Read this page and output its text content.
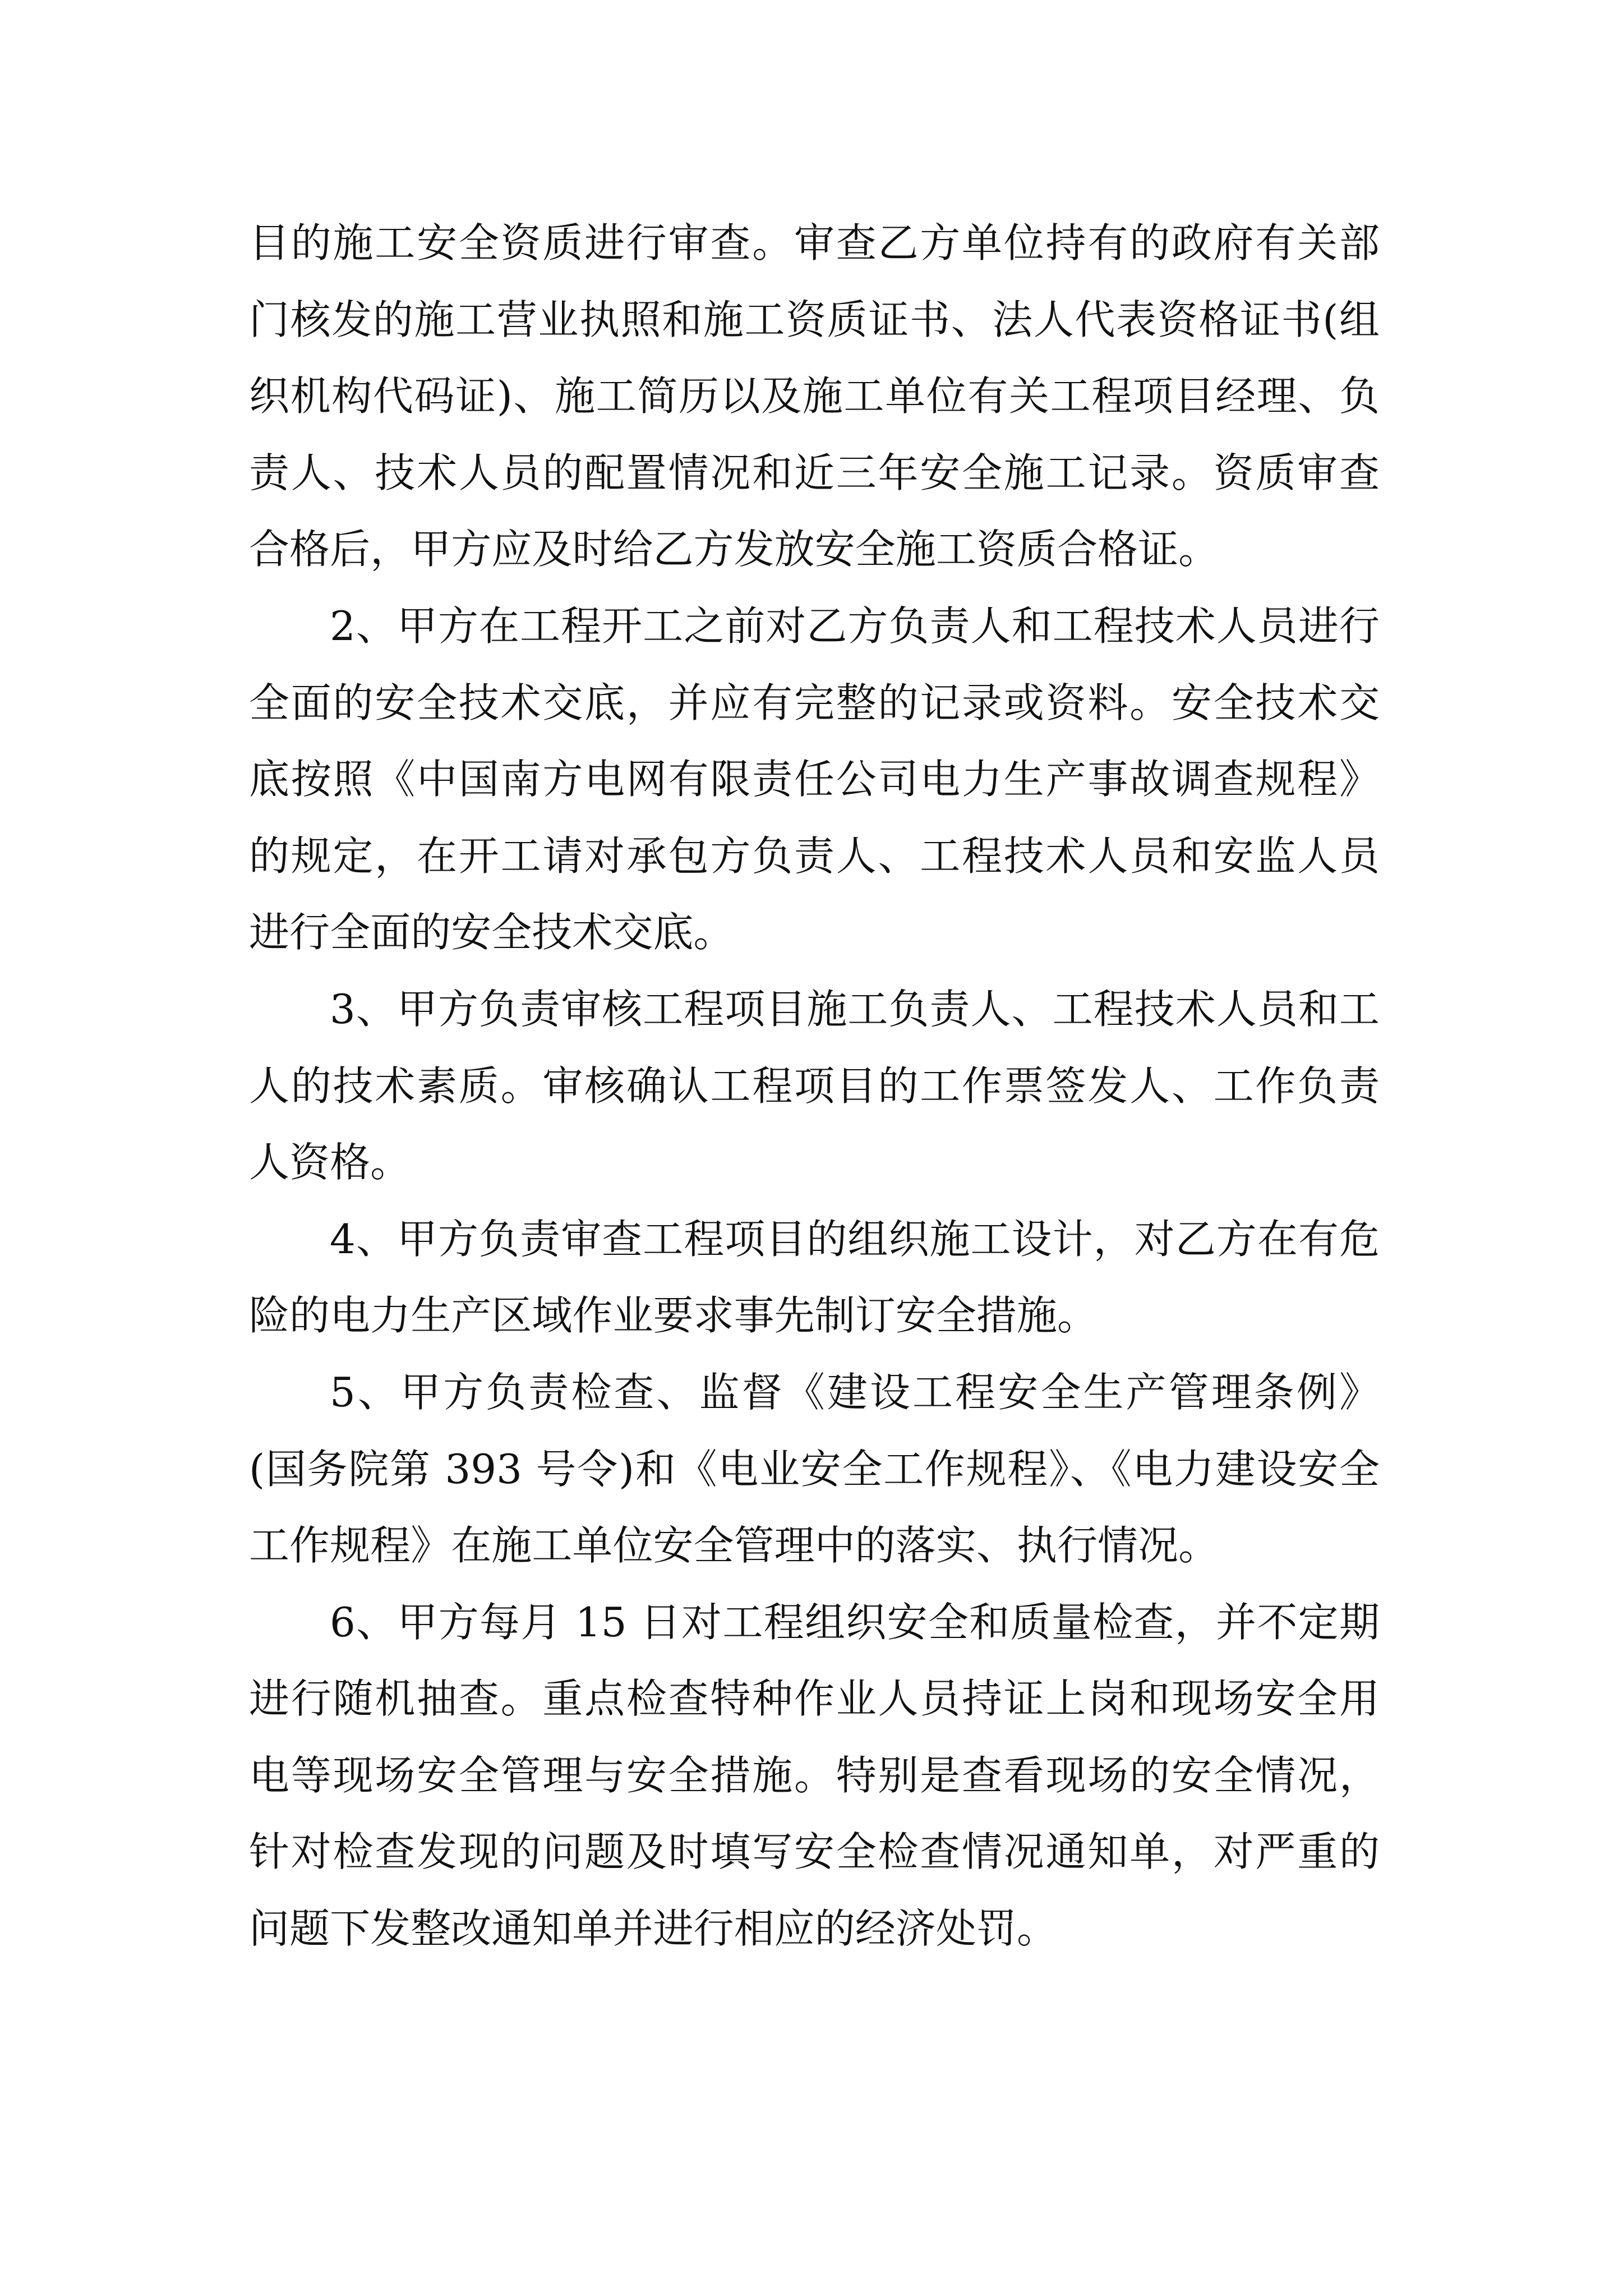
目的施工安全资质进行审查。审查乙方单位持有的政府有关部门核发的施工营业执照和施工资质证书、法人代表资格证书(组织机构代码证)、施工简历以及施工单位有关工程项目经理、负责人、技术人员的配置情况和近三年安全施工记录。资质审查合格后，甲方应及时给乙方发放安全施工资质合格证。

2、甲方在工程开工之前对乙方负责人和工程技术人员进行全面的安全技术交底，并应有完整的记录或资料。安全技术交底按照《中国南方电网有限责任公司电力生产事故调查规程》的规定，在开工请对承包方负责人、工程技术人员和安监人员进行全面的安全技术交底。

3、甲方负责审核工程项目施工负责人、工程技术人员和工人的技术素质。审核确认工程项目的工作票签发人、工作负责人资格。

4、甲方负责审查工程项目的组织施工设计，对乙方在有危险的电力生产区域作业要求事先制订安全措施。

5、甲方负责检查、监督《建设工程安全生产管理条例》(国务院第 393 号令)和《电业安全工作规程》、《电力建设安全工作规程》在施工单位安全管理中的落实、执行情况。

6、甲方每月 15 日对工程组织安全和质量检查，并不定期进行随机抽查。重点检查特种作业人员持证上岗和现场安全用电等现场安全管理与安全措施。特别是查看现场的安全情况，针对检查发现的问题及时填写安全检查情况通知单，对严重的问题下发整改通知单并进行相应的经济处罚。
